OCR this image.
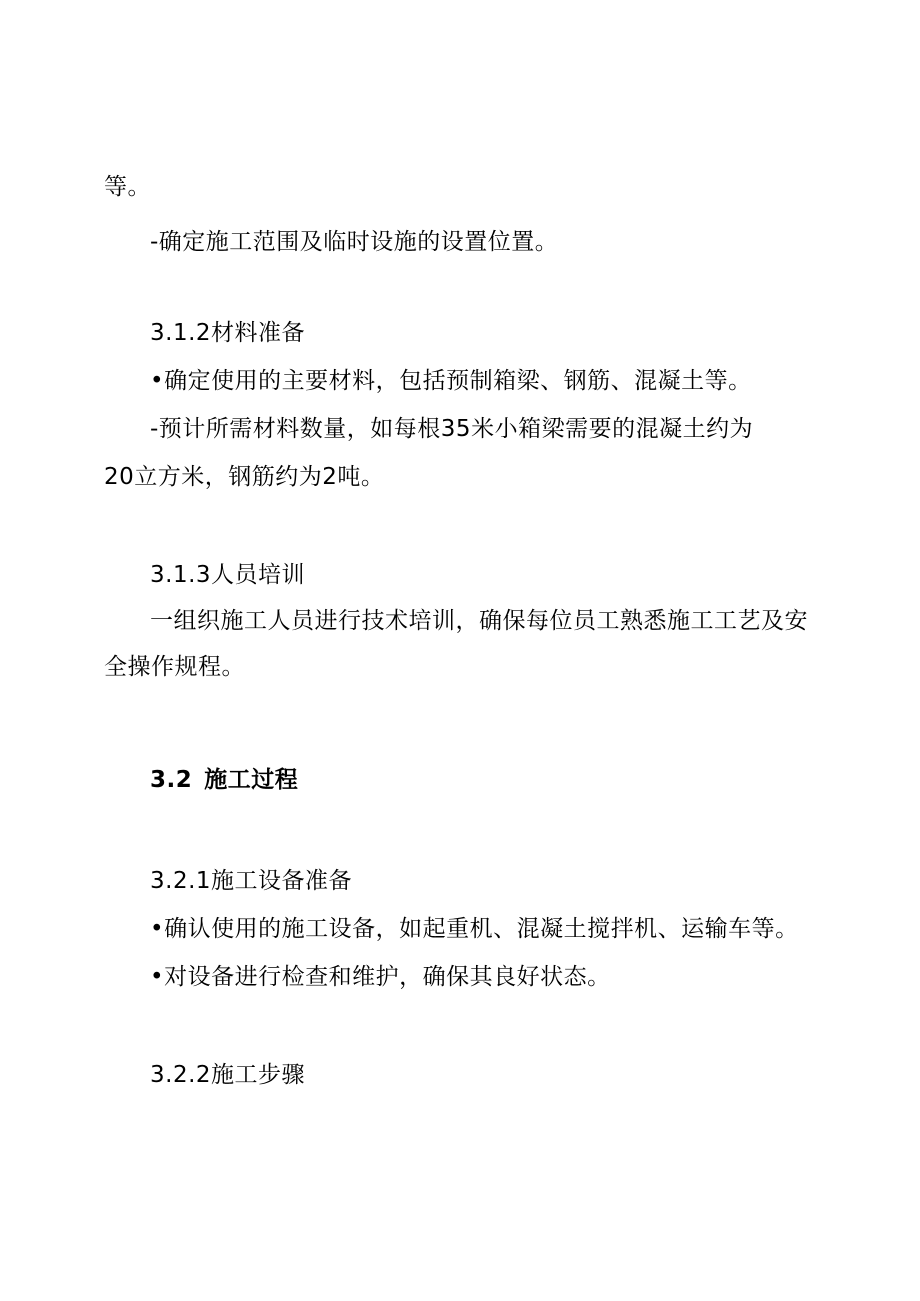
等。
-确定施工范围及临时设施的设置位置。
3.1.2材料准备
•确定使用的主要材料，包括预制箱梁、钢筋、混凝土等。
-预计所需材料数量，如每根35米小箱梁需要的混凝土约为
20立方米，钢筋约为2吨。
3.1.3人员培训
一组织施工人员进行技术培训，确保每位员工熟悉施工工艺及安
全操作规程。
3.2 施工过程
3.2.1施工设备准备
•确认使用的施工设备，如起重机、混凝土搅拌机、运输车等。
•对设备进行检查和维护，确保其良好状态。
3.2.2施工步骤
